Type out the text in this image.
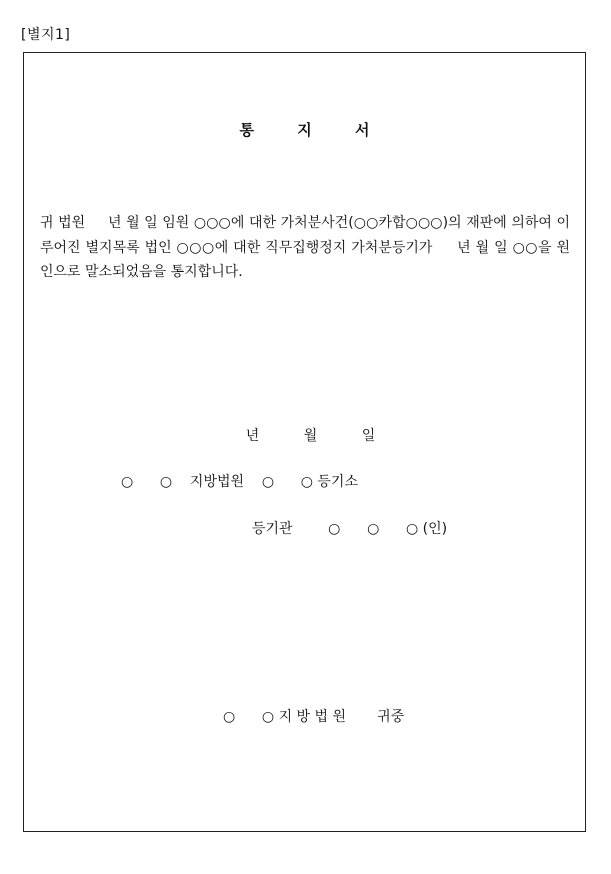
[별지1]
통 지 서

귀 법원     년 월 일 임원 ○○○에 대한 가처분사건(○○카합○○○)의 재판에 의하여 이루어진 별지목록 법인 ○○○에 대한 직무집행정지 가처분등기가     년 월 일 ○○을 원인으로 말소되었음을 통지합니다.

년 월 일
○      ○    지방법원    ○      ○ 등기소
등기관        ○      ○      ○ (인)
○      ○ 지 방 법 원       귀중
